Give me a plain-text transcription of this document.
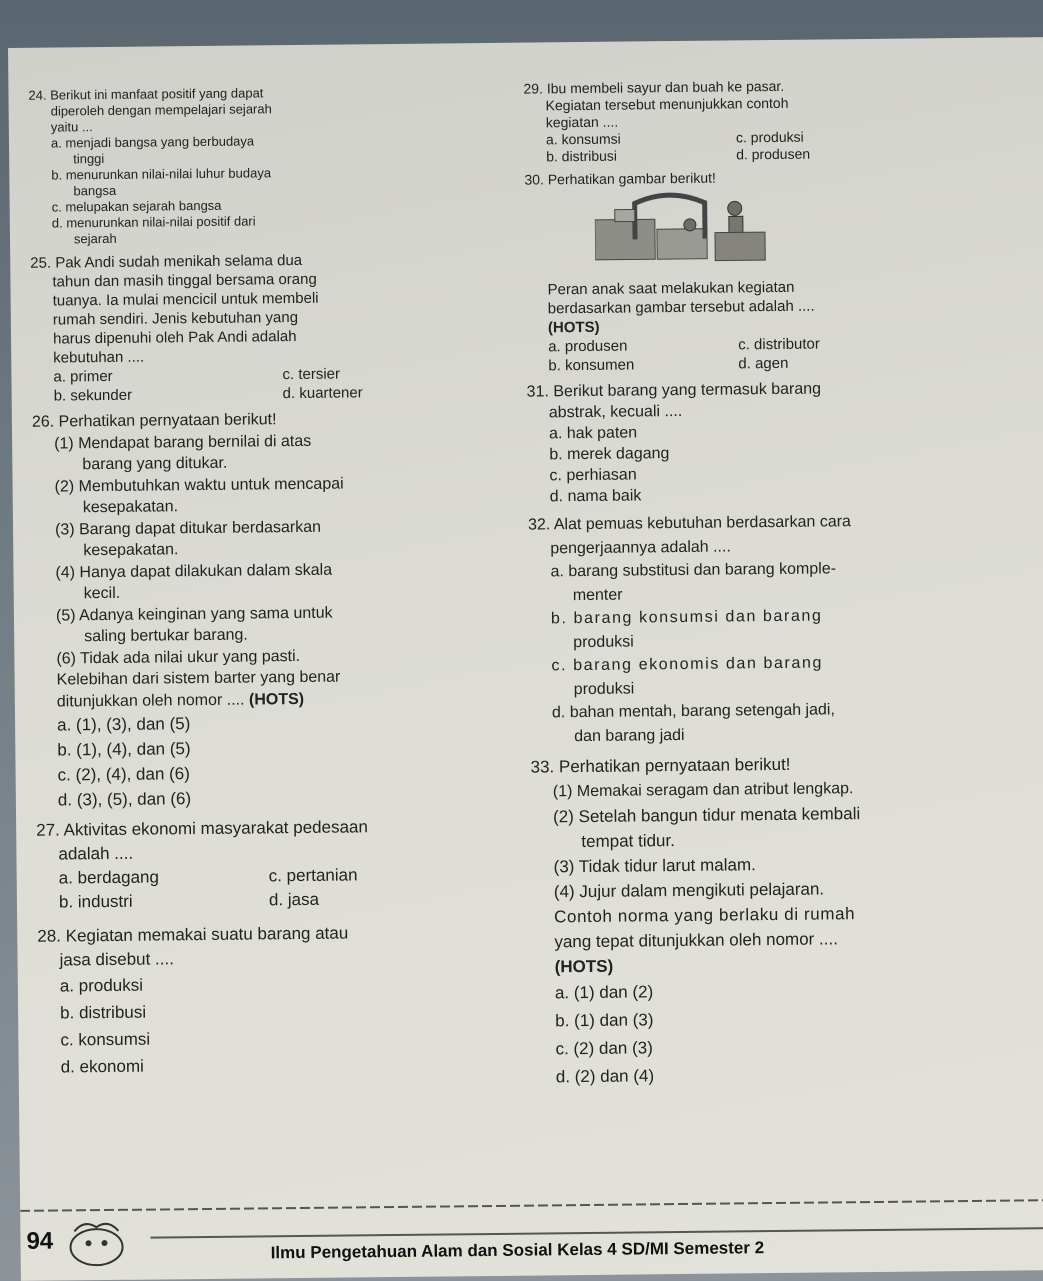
24. Berikut ini manfaat positif yang dapat
diperoleh dengan mempelajari sejarah
yaitu ...
a. menjadi bangsa yang berbudaya
tinggi
b. menurunkan nilai-nilai luhur budaya
bangsa
c. melupakan sejarah bangsa
d. menurunkan nilai-nilai positif dari
sejarah
25. Pak Andi sudah menikah selama dua
tahun dan masih tinggal bersama orang
tuanya. Ia mulai mencicil untuk membeli
rumah sendiri. Jenis kebutuhan yang
harus dipenuhi oleh Pak Andi adalah
kebutuhan ....
a. primer	c. tersier
b. sekunder	d. kuartener
26. Perhatikan pernyataan berikut!
(1) Mendapat barang bernilai di atas
barang yang ditukar.
(2) Membutuhkan waktu untuk mencapai
kesepakatan.
(3) Barang dapat ditukar berdasarkan
kesepakatan.
(4) Hanya dapat dilakukan dalam skala
kecil.
(5) Adanya keinginan yang sama untuk
saling bertukar barang.
(6) Tidak ada nilai ukur yang pasti.
Kelebihan dari sistem barter yang benar
ditunjukkan oleh nomor .... (HOTS)
a. (1), (3), dan (5)
b. (1), (4), dan (5)
c. (2), (4), dan (6)
d. (3), (5), dan (6)
27. Aktivitas ekonomi masyarakat pedesaan
adalah ....
a. berdagang	c. pertanian
b. industri	d. jasa
28. Kegiatan memakai suatu barang atau
jasa disebut ....
a. produksi
b. distribusi
c. konsumsi
d. ekonomi
29. Ibu membeli sayur dan buah ke pasar.
Kegiatan tersebut menunjukkan contoh
kegiatan ....
a. konsumsi	c. produksi
b. distribusi	d. produsen
30. Perhatikan gambar berikut!
Peran anak saat melakukan kegiatan
berdasarkan gambar tersebut adalah ....
(HOTS)
a. produsen	c. distributor
b. konsumen	d. agen
31. Berikut barang yang termasuk barang
abstrak, kecuali ....
a. hak paten
b. merek dagang
c. perhiasan
d. nama baik
32. Alat pemuas kebutuhan berdasarkan cara
pengerjaannya adalah ....
a. barang substitusi dan barang komple-
menter
b. barang konsumsi dan barang
produksi
c. barang ekonomis dan barang
produksi
d. bahan mentah, barang setengah jadi,
dan barang jadi
33. Perhatikan pernyataan berikut!
(1) Memakai seragam dan atribut lengkap.
(2) Setelah bangun tidur menata kembali
tempat tidur.
(3) Tidak tidur larut malam.
(4) Jujur dalam mengikuti pelajaran.
Contoh norma yang berlaku di rumah
yang tepat ditunjukkan oleh nomor ....
(HOTS)
a. (1) dan (2)
b. (1) dan (3)
c. (2) dan (3)
d. (2) dan (4)
94	Ilmu Pengetahuan Alam dan Sosial Kelas 4 SD/MI Semester 2
